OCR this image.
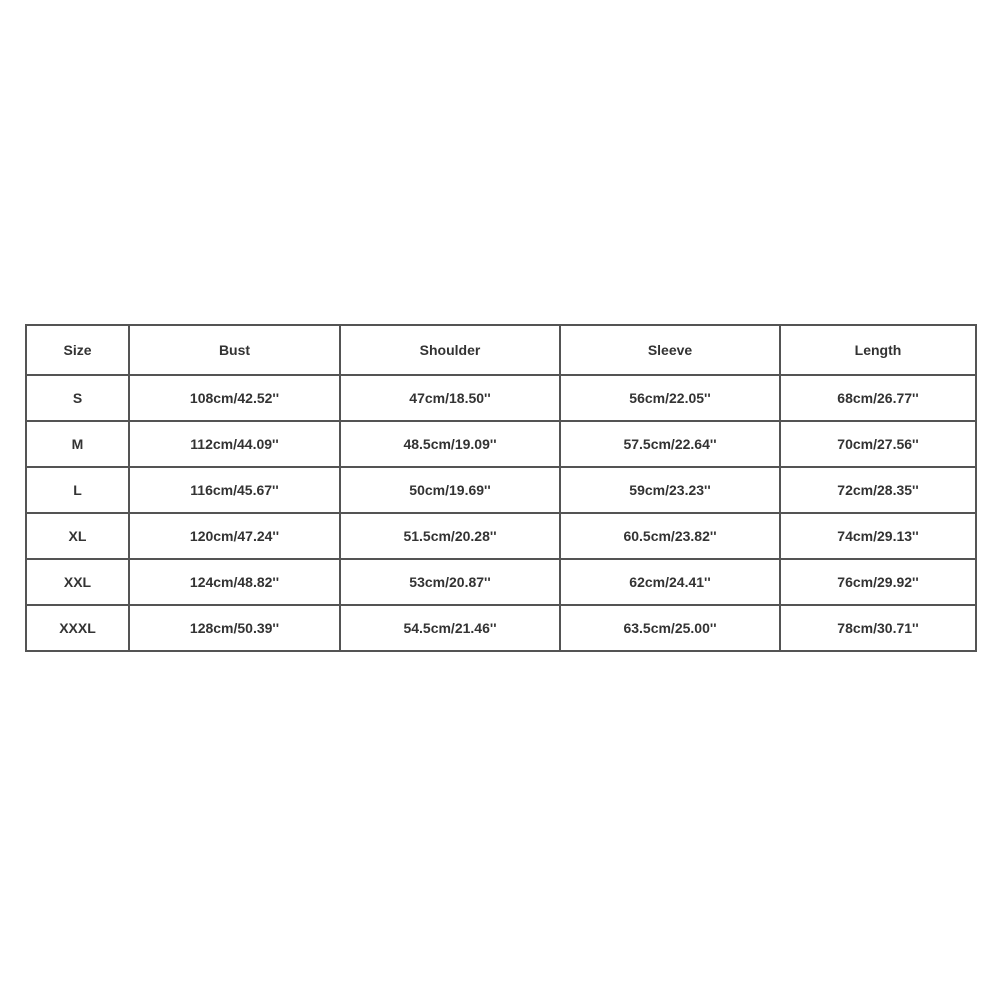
Size	Bust	Shoulder	Sleeve	Length
S	108cm/42.52''	47cm/18.50''	56cm/22.05''	68cm/26.77''
M	112cm/44.09''	48.5cm/19.09''	57.5cm/22.64''	70cm/27.56''
L	116cm/45.67''	50cm/19.69''	59cm/23.23''	72cm/28.35''
XL	120cm/47.24''	51.5cm/20.28''	60.5cm/23.82''	74cm/29.13''
XXL	124cm/48.82''	53cm/20.87''	62cm/24.41''	76cm/29.92''
XXXL	128cm/50.39''	54.5cm/21.46''	63.5cm/25.00''	78cm/30.71''
